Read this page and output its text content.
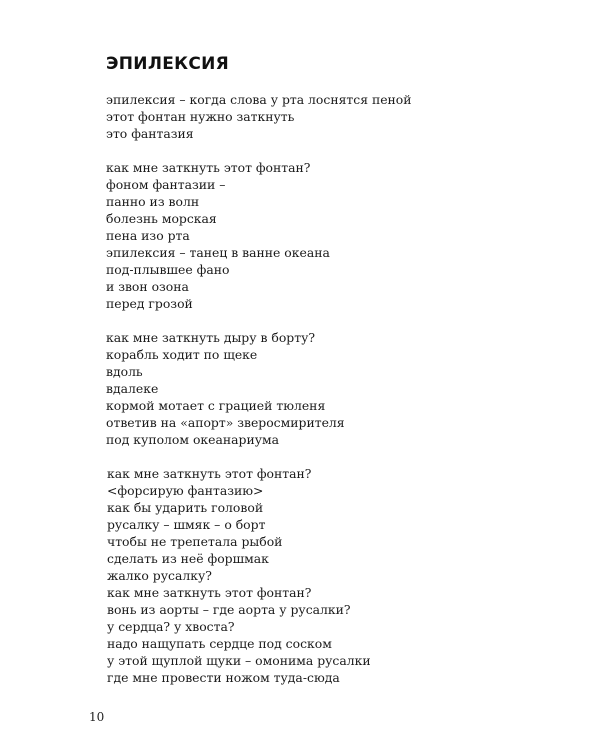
ЭПИЛЕКСИЯ
эпилексия – когда слова у рта лоснятся пеной
этот фонтан нужно заткнуть
это фантазия
как мне заткнуть этот фонтан?
фоном фантазии –
панно из волн
болезнь морская
пена изо рта
эпилексия – танец в ванне океана
под-плывшее фано
и звон озона
перед грозой
как мне заткнуть дыру в борту?
корабль ходит по щеке
вдоль
вдалеке
кормой мотает с грацией тюленя
ответив на «апорт» зверосмирителя
под куполом океанариума
как мне заткнуть этот фонтан?
<форсирую фантазию>
как бы ударить головой
русалку – шмяк – о борт
чтобы не трепетала рыбой
сделать из неё форшмак
жалко русалку?
как мне заткнуть этот фонтан?
вонь из аорты – где аорта у русалки?
у сердца? у хвоста?
надо нащупать сердце под соском
у этой щуплой щуки – омонима русалки
где мне провести ножом туда-сюда
10
